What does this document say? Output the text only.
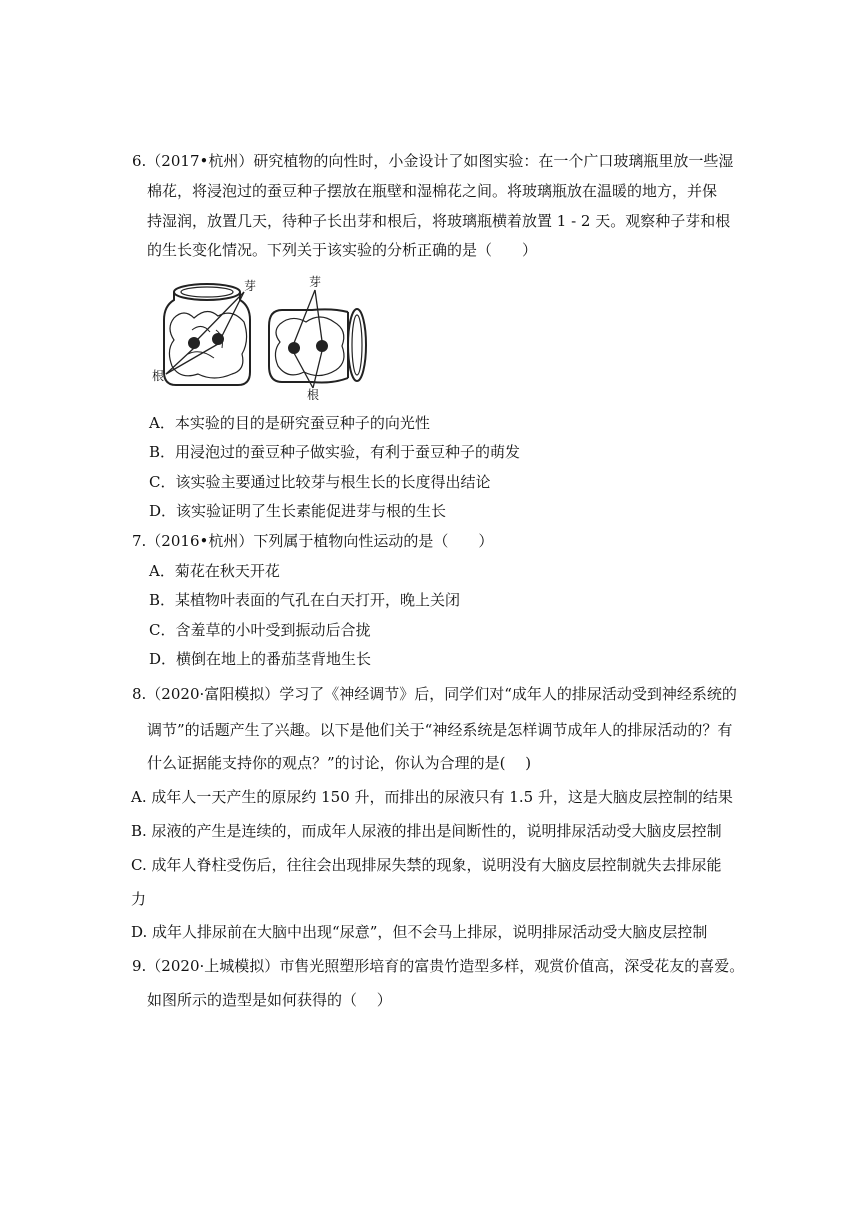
6.（2017•杭州）研究植物的向性时，小金设计了如图实验：在一个广口玻璃瓶里放一些湿
棉花，将浸泡过的蚕豆种子摆放在瓶壁和湿棉花之间。将玻璃瓶放在温暖的地方，并保
持湿润，放置几天，待种子长出芽和根后，将玻璃瓶横着放置 1 - 2 天。观察种子芽和根
的生长变化情况。下列关于该实验的分析正确的是（　　）
芽
根
芽
根
A．本实验的目的是研究蚕豆种子的向光性
B．用浸泡过的蚕豆种子做实验，有利于蚕豆种子的萌发
C．该实验主要通过比较芽与根生长的长度得出结论
D．该实验证明了生长素能促进芽与根的生长
7.（2016•杭州）下列属于植物向性运动的是（　　）
A．菊花在秋天开花
B．某植物叶表面的气孔在白天打开，晚上关闭
C．含羞草的小叶受到振动后合拢
D．横倒在地上的番茄茎背地生长
8.（2020·富阳模拟）学习了《神经调节》后，同学们对“成年人的排尿活动受到神经系统的
调节”的话题产生了兴趣。以下是他们关于“神经系统是怎样调节成年人的排尿活动的？有
什么证据能支持你的观点？”的讨论，你认为合理的是(　 )
A. 成年人一天产生的原尿约 150 升，而排出的尿液只有 1.5 升，这是大脑皮层控制的结果
B. 尿液的产生是连续的，而成年人尿液的排出是间断性的，说明排尿活动受大脑皮层控制
C. 成年人脊柱受伤后，往往会出现排尿失禁的现象，说明没有大脑皮层控制就失去排尿能
力
D. 成年人排尿前在大脑中出现“尿意”，但不会马上排尿，说明排尿活动受大脑皮层控制
9.（2020·上城模拟）市售光照塑形培育的富贵竹造型多样，观赏价值高，深受花友的喜爱。
如图所示的造型是如何获得的（　 ）
